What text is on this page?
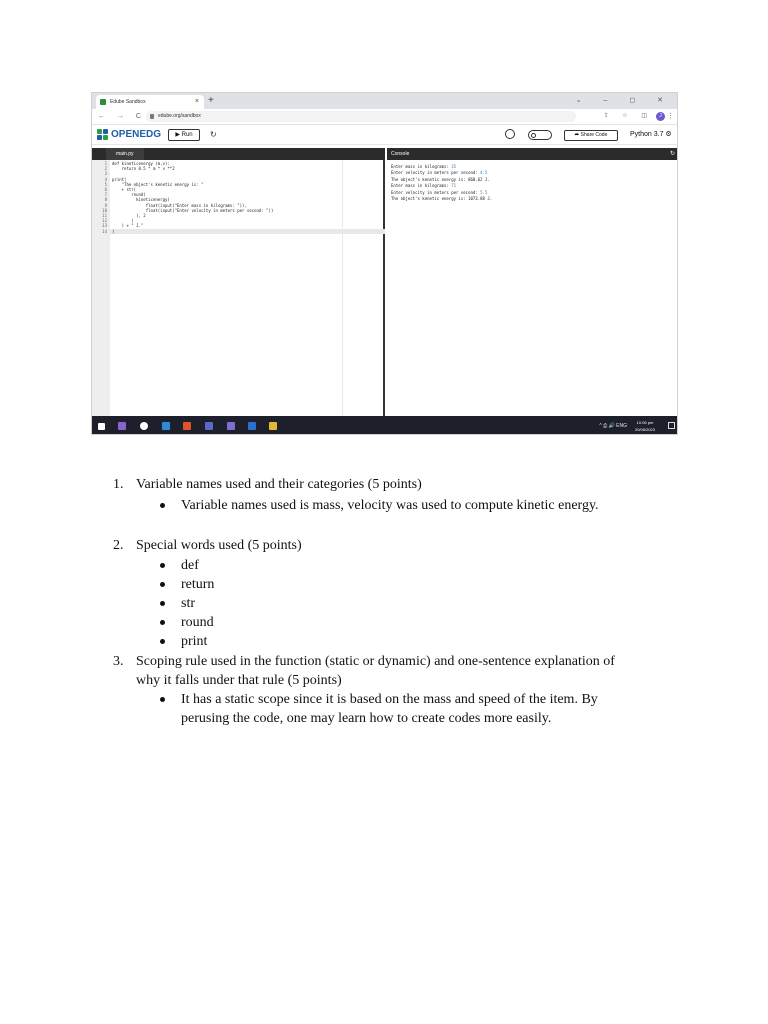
Edube Sandbox	× +	⌄ – ◻ ✕
← → C	edube.org/sandbox	⇪ ☆ ◫	J ⋮
OPENEDG	▶ Run	↻	⮫ Share Code	Python 3.7 ⚙
main.py
1
2
3
4
5
6
7
8
9
10
11
12
13
14
def kineticenergy (m,v):
return 0.5 * m * v **2
print(
"The object's kenetic energy is: "
+ str(
round(
kineticenergy(
float(input("Enter mass in kilograms: ")),
float(input("Enter velocity in meters per second: "))
), 2
)
) + " J."
)
Console	↻
Enter mass in kilograms: 35
Enter velocity in meters per second: 4.5
The object's kenetic energy is: 860.62 J.
Enter mass in kilograms: 71
Enter velocity in meters per second: 5.5
The object's kenetic energy is: 1073.88 J.
^ ⎙ 🔊 ENG
10:05 pm
20/06/2023
1. Variable names used and their categories (5 points)
Variable names used is mass, velocity was used to compute kinetic energy.
2. Special words used (5 points)
def
return
str
round
print
3. Scoping rule used in the function (static or dynamic) and one-sentence explanation of
why it falls under that rule (5 points)
It has a static scope since it is based on the mass and speed of the item. By
perusing the code, one may learn how to create codes more easily.
